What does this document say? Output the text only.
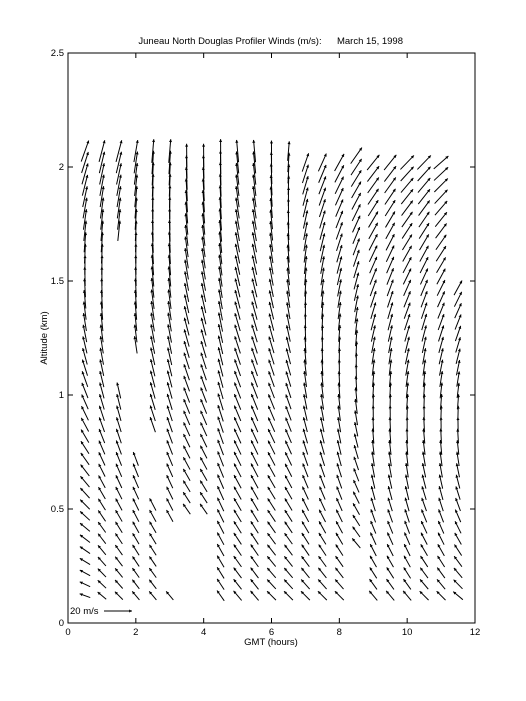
Juneau North Douglas Profiler Winds (m/s): March 15, 1998
GMT (hours)
Altitude (km)
0	2	4	6	8	10	12
0
0.5
1
1.5
2
2.5
20 m/s
